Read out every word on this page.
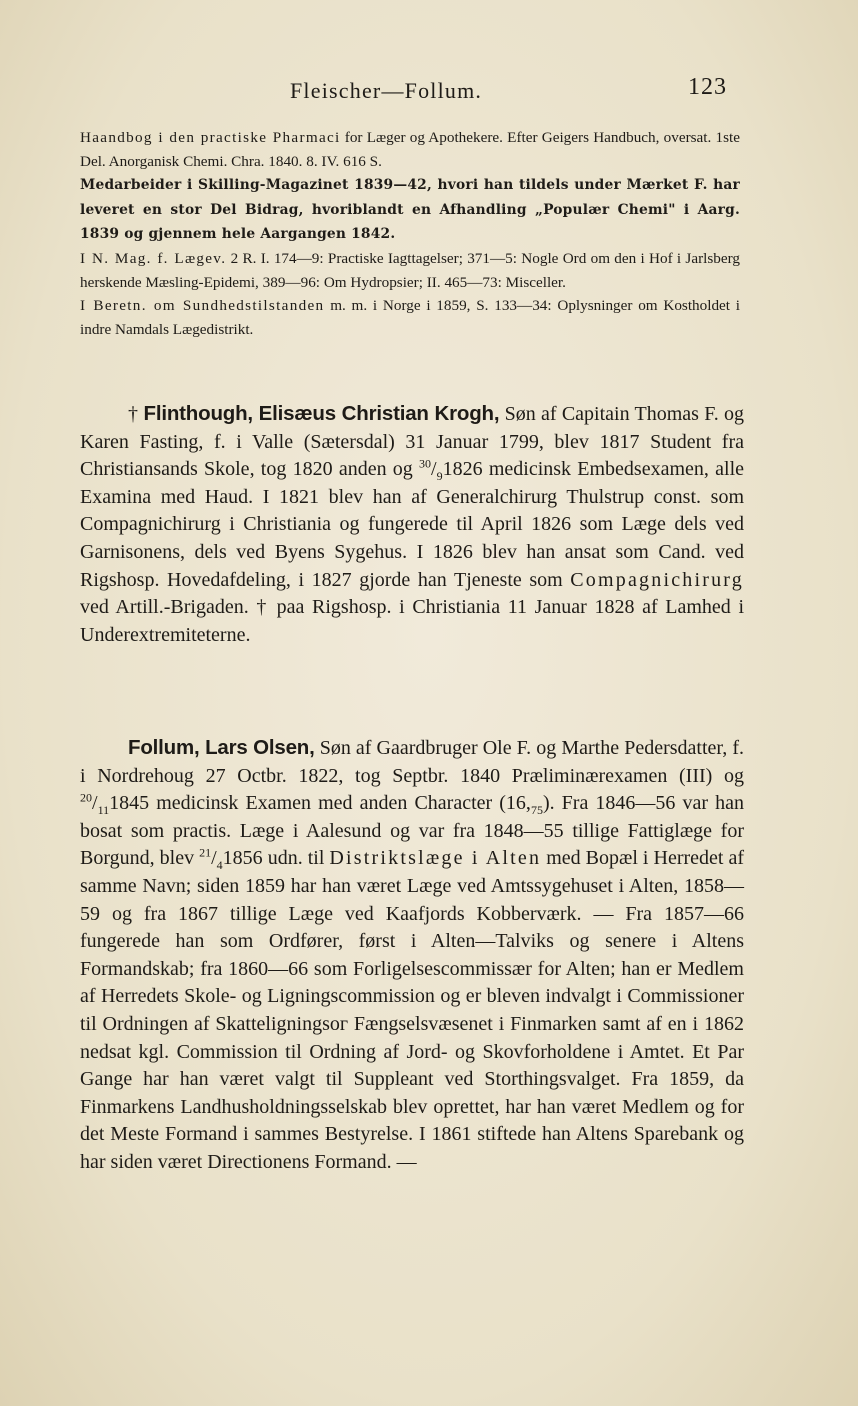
Fleischer—Follum.	123

Haandbog i den practiske Pharmaci for Læger og Apothekere. Efter Geigers Handbuch, oversat. 1ste Del. Anorganisk Chemi. Chra. 1840. 8. IV. 616 S.

Medarbeider i Skilling-Magazinet 1839—42, hvori han tildels under Mærket F. har leveret en stor Del Bidrag, hvoriblandt en Afhandling „Populær Chemi" i Aarg. 1839 og gjennem hele Aargangen 1842.

I N. Mag. f. Lægev. 2 R. I. 174—9: Practiske Iagttagelser; 371—5: Nogle Ord om den i Hof i Jarlsberg herskende Mæsling-Epidemi, 389—96: Om Hydropsier; II. 465—73: Misceller.

I Beretn. om Sundhedstilstanden m. m. i Norge i 1859, S. 133—34: Oplysninger om Kostholdet i indre Namdals Lægedistrikt.

† Flinthough, Elisæus Christian Krogh, Søn af Capitain Thomas F. og Karen Fasting, f. i Valle (Sætersdal) 31 Januar 1799, blev 1817 Student fra Christiansands Skole, tog 1820 anden og $^{30}/_91826$ medicinsk Embedsexamen, alle Examina med Haud. I 1821 blev han af Generalchirurg Thulstrup const. som Compagnichirurg i Christiania og fungerede til April 1826 som Læge dels ved Garnisonens, dels ved Byens Sygehus. I 1826 blev han ansat som Cand. ved Rigshosp. Hovedafdeling, i 1827 gjorde han Tjeneste som Compagnichirurg ved Artill.-Brigaden. † paa Rigshosp. i Christiania 11 Januar 1828 af Lamhed i Underextremiteterne.

Follum, Lars Olsen, Søn af Gaardbruger Ole F. og Marthe Pedersdatter, f. i Nordrehoug 27 Octbr. 1822, tog Septbr. 1840 Præliminærexamen (III) og $^{20}/_{11}1845$ medicinsk Examen med anden Character $(16,_{75})$. Fra 1846—56 var han bosat som practis. Læge i Aalesund og var fra 1848—55 tillige Fattiglæge for Borgund, blev $^{21}/_41856$ udn. til Distriktslæge i Alten med Bopæl i Herredet af samme Navn; siden 1859 har han været Læge ved Amtssygehuset i Alten, 1858—59 og fra 1867 tillige Læge ved Kaafjords Kobberværk. — Fra 1857—66 fungerede han som Ordfører, først i Alten—Talviks og senere i Altens Formandskab; fra 1860—66 som Forligelsescommissær for Alten; han er Medlem af Herredets Skole- og Ligningscommission og er bleven indvalgt i Commissioner til Ordningen af Skatteligningsог Fængselsvæsenet i Finmarken samt af en i 1862 nedsat kgl. Commission til Ordning af Jord- og Skovforholdene i Amtet. Et Par Gange har han været valgt til Suppleant ved Storthingsvalget. Fra 1859, da Finmarkens Landhusholdningsselskab blev oprettet, har han været Medlem og for det Meste Formand i sammes Bestyrelse. I 1861 stiftede han Altens Sparebank og har siden været Directionens Formand. —
